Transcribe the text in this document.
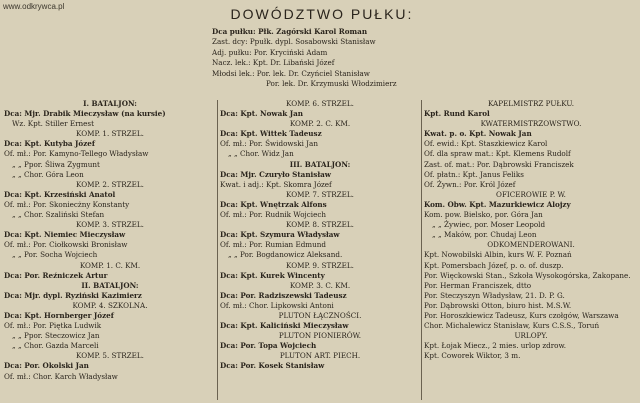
www.odkrywca.pl	DOWÓDZTWO PUŁKU:
Dca pułku: Płk. Zagórski Karol Roman
Zast. dcy: Ppułk. dypl. Sosabowski Stanisław
Adj. pułku: Por. Kryciński Adam
Nacz. lek.: Kpt. Dr. Libański Józef
Młodsi lek.: Por. lek. Dr. Czyńciel Stanisław
Por. lek. Dr. Krzymuski Włodzimierz
I. BATALJON:
Dca: Mjr. Drabik Mieczysław (na kursie)
Wz. Kpt. Stiller Ernest
KOMP. 1. STRZEL.
Dca: Kpt. Kutyba Józef
Of. mł.: Por. Kamyno-Tellego Władysław
„ „ Ppor. Śliwa Zygmunt
„ „ Chor. Góra Leon
KOMP. 2. STRZEL.
Dca: Kpt. Krzesiński Anatol
Of. mł.: Por. Skoniecżny Konstanty
„ „ Chor. Szaliński Stefan
KOMP. 3. STRZEL.
Dca: Kpt. Niemiec Mieczysław
Of. mł.: Por. Ciołkowski Bronisław
„ „ Por. Socha Wojciech
KOMP. 1. C. KM.
Dca: Por. Reźniczek Artur
II. BATALJON:
Dca: Mjr. dypl. Ryziński Kazimierz
KOMP. 4. SZKOLNA.
Dca: Kpt. Hornberger Józef
Of. mł.: Por. Piętka Ludwik
„ „ Ppor. Steczowicz Jan
„ „ Chor. Gazda Marceli
KOMP. 5. STRZEL.
Dca: Por. Okolski Jan
Of. mł.: Chor. Karch Władysław
KOMP. 6. STRZEL.
Dca: Kpt. Nowak Jan
KOMP. 2. C. KM.
Dca: Kpt. Wittek Tadeusz
Of. mł.: Por. Świdowski Jan
„ „ Chor. Widz Jan
III. BATALJON:
Dca: Mjr. Czuryło Stanisław
Kwat. i adj.: Kpt. Skomra Józef
KOMP. 7. STRZEL.
Dca: Kpt. Wnętrzak Alfons
Of. mł.: Por. Rudnik Wojciech
KOMP. 8. STRZEL.
Dca: Kpt. Szymura Władysław
Of. mł.: Por. Rumian Edmund
„ „ Por. Bogdanowicz Aleksand.
KOMP. 9. STRZEL.
Dca: Kpt. Kurek Wincenty
KOMP. 3. C. KM.
Dca: Por. Radziszewski Tadeusz
Of. mł.: Chor. Lipkowski Antoni
PLUTON ŁĄCZNOŚCI.
Dca: Kpt. Kaliciński Mieczysław
PLUTON PIONIERÓW.
Dca: Por. Topa Wojciech
PLUTON ART. PIECH.
Dca: Por. Kosek Stanisław
KAPELMISTRZ PUŁKU.
Kpt. Rund Karol
KWATERMISTRZOWSTWO.
Kwat. p. o. Kpt. Nowak Jan
Of. ewid.: Kpt. Staszkiewicz Karol
Of. dla spraw mat.: Kpt. Klemens Rudolf
Zast. of. mat.: Por. Dąbrowski Franciszek
Of. płatn.: Kpt. Janus Feliks
Of. Żywn.: Por. Król Józef
OFICEROWIE P. W.
Kom. Obw. Kpt. Mazurkiewicz Alojzy
Kom. pow. Bielsko, por. Góra Jan
„ „ Żywiec, por. Moser Leopold
„ „ Maków, por. Chudaj Leon
ODKOMENDEROWANI.
Kpt. Nowobilski Albin, kurs W. F. Poznań
Kpt. Pomersbach Józef, p. o. of. duszp.
Por. Więckowski Stan., Szkoła Wysokogórska, Zakopane.
Por. Herman Franciszek, dtto
Por. Steczyszyn Władysław, 21. D. P. G.
Por. Dąbrowski Otton, biuro hist. M.S.W.
Por. Horoszkiewicz Tadeusz, Kurs czołgów, Warszawa
Chor. Michalewicz Stanisław, Kurs C.S.S., Toruń
URLOPY.
Kpt. Łojak Miecz., 2 mies. urlop zdrow.
Kpt. Coworek Wiktor, 3 m.
